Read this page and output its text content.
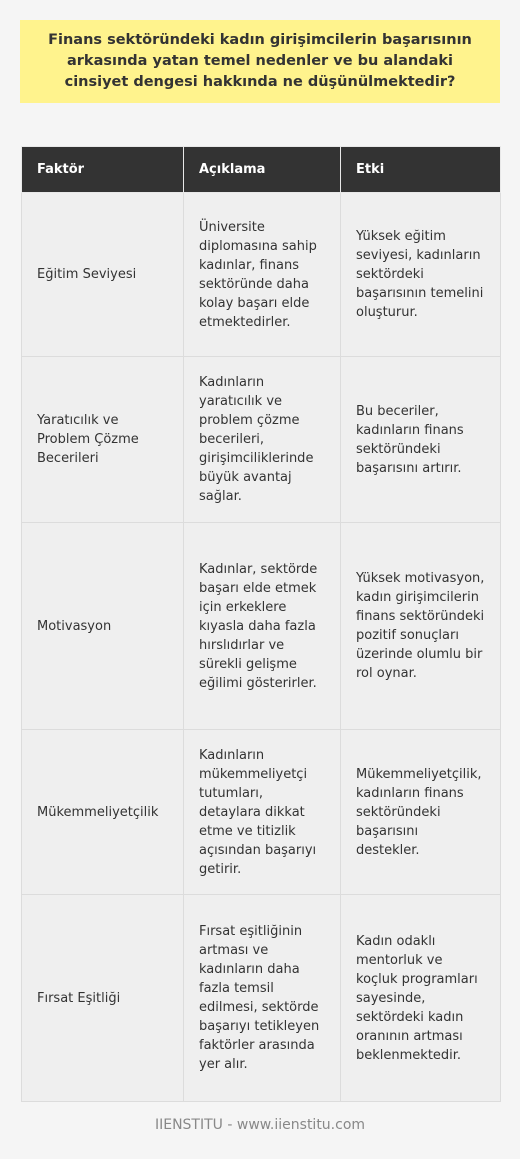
Finans sektöründeki kadın girişimcilerin başarısının arkasında yatan temel nedenler ve bu alandaki cinsiyet dengesi hakkında ne düşünülmektedir?
Faktör	Açıklama	Etki
Eğitim Seviyesi	Üniversite diplomasına sahip kadınlar, finans sektöründe daha kolay başarı elde etmektedirler.	Yüksek eğitim seviyesi, kadınların sektördeki başarısının temelini oluşturur.
Yaratıcılık ve Problem Çözme Becerileri	Kadınların yaratıcılık ve problem çözme becerileri, girişimciliklerinde büyük avantaj sağlar.	Bu beceriler, kadınların finans sektöründeki başarısını artırır.
Motivasyon	Kadınlar, sektörde başarı elde etmek için erkeklere kıyasla daha fazla hırslıdırlar ve sürekli gelişme eğilimi gösterirler.	Yüksek motivasyon, kadın girişimcilerin finans sektöründeki pozitif sonuçları üzerinde olumlu bir rol oynar.
Mükemmeliyetçilik	Kadınların mükemmeliyetçi tutumları, detaylara dikkat etme ve titizlik açısından başarıyı getirir.	Mükemmeliyetçilik, kadınların finans sektöründeki başarısını destekler.
Fırsat Eşitliği	Fırsat eşitliğinin artması ve kadınların daha fazla temsil edilmesi, sektörde başarıyı tetikleyen faktörler arasında yer alır.	Kadın odaklı mentorluk ve koçluk programları sayesinde, sektördeki kadın oranının artması beklenmektedir.
IIENSTITU - www.iienstitu.com
